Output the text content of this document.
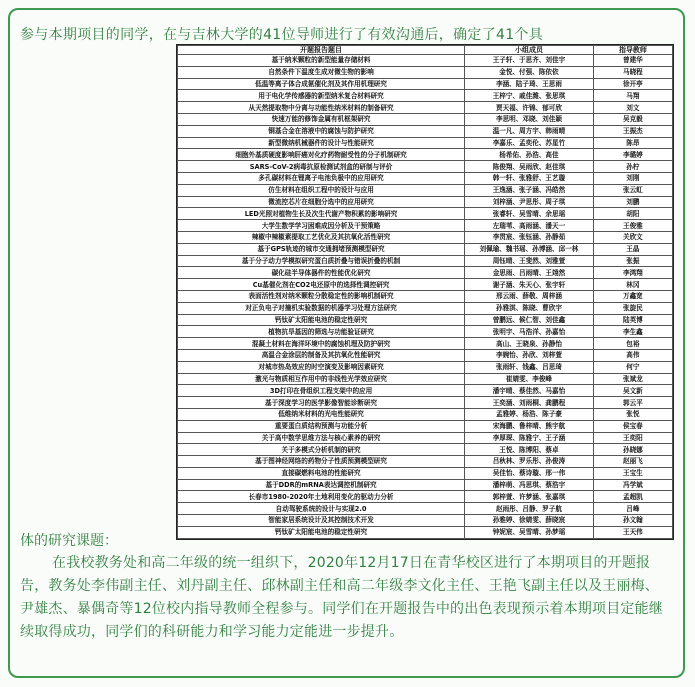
参与本期项目的同学，在与吉林大学的41位导师进行了有效沟通后，确定了41个具
开题报告题目	小组成员	指导教师
基于纳米颗粒的新型能量存储材料	王子轩、于思齐、刘佳宇	曾建华
自然条件下温度生成对微生物的影响	金悦、付强、陈依依	马晓程
低温等离子体合成氨催化剂及其作用机理研究	李涵、陆子琦、王思雨	徐开亭
用于电化学传感器的新型纳米复合材料研究	王梓宁、戚佳潍、张思琪	马翔
从天然提取物中分离与功能性纳米材料的制备研究	贾天福、许锦、郁可欣	刘文
快速万能的修饰金属有机框架研究	李思明、邓晓、刘佳颖	吴克毅
铜基合金在溶液中的腐蚀与防护研究	温一凡、周方宇、韩雨晴	王振杰
新型微纳机械器件的设计与性能研究	李嘉乐、孟奕伦、苏星竹	陈昂
细胞外基质硬度影响肝癌对化疗药物耐受性的分子机制研究	杨希佑、孙浩、高佳	李璐婷
SARS-CoV-2病毒抗原检测试剂盒的研制与评价	陈俊翔、吴雨欣、赵佳琪	孙柠
多孔碳材料在锂离子电池负极中的应用研究	韩一轩、张雅舒、王艺璇	刘刚
仿生材料在组织工程中的设计与应用	王逸涵、张子涵、冯皓然	张云虹
微流控芯片在细胞分选中的应用研究	刘梓涵、尹思彤、周子琪	刘鹏
LED光照对植物生长及次生代谢产物积累的影响研究	张睿轩、吴雪晴、余思瑶	胡阳
大学生数学学习困难成因分析及干预策略	左瑞苇、高雨涵、潘天一	王俊雅
辣椒中辣椒素提取工艺优化及其抗氧化活性研究	李贯宸、张钰涵、孙静茹	关欣文
基于GPS轨迹的城市交通拥堵预测模型研究	刘佩瑜、魏书瑶、孙博涵、邱一林	王晶
基于分子动力学模拟研究蛋白质折叠与错误折叠的机制	周钰晴、王斐然、刘雅萱	张振
碳化硅半导体器件的性能优化研究	金思雨、吕雨晴、王翊然	李鸿翔
Cu基催化剂在CO2电还原中的选择性调控研究	谢子涵、朱天心、张宇轩	林冈
表面活性剂对纳米颗粒分散稳定性的影响机制研究	邢云雨、薛敬、周梓涵	万鑫宽
对正负电子对撞机实验数据的机器学习处理方法研究	孙雅淇、陈晓、曹欣宇	张旋民
钙钛矿太阳能电池的稳定性研究	曾鹏远、候仁智、刘佳鑫	陆英博
植物抗旱基因的筛选与功能验证研究	张明宇、马浩洋、孙嘉怡	李生鑫
混凝土材料在海洋环境中的腐蚀机理及防护研究	高山、王晓泉、孙静怡	包裕
高温合金涂层的制备及其抗氧化性能研究	李婉怡、孙欣、刘梓萱	高伟
对城市热岛效应的时空演变及影响因素研究	张雨轩、钱鑫、吕思琦	何宁
激光与物质相互作用中的非线性光学效应研究	崔婧雯、李俊峰	张斌龙
3D打印在骨组织工程支架中的应用	潘宇晴、蔡佳然、马嘉怡	吴文新
基于深度学习的医学影像智能诊断研究	王奕涵、刘雨桐、龚鹏程	郭云平
低维纳米材料的光电性能研究	孟雅婷、杨浩、陈子豪	张悦
重要蛋白质结构预测与功能分析	宋海鹏、鲁梓晴、熊宇航	侯宝春
关于高中数学思维方法与核心素养的研究	李厚琛、陈雅宁、王子涵	王奕阳
关于多模式分析机制的研究	王悦、陈博阳、蔡卓	孙晓娜
基于图神经网络的药物分子性质预测模型研究	吕秋林、罗乐彤、孙俊涛	赵丽飞
直接碳燃料电池的性能研究	吴佳怡、蔡诗璇、邢一伟	王宝生
基于DDR的mRNA表达调控机制研究	潘梓萌、冯思琪、蔡浩宇	冯学斌
长春市1980-2020年土地利用变化的驱动力分析	郭梓萱、许梦涵、张嘉琪	孟超凯
自动驾驶系统的设计与实现2.0	赵雨彤、吕静、罗子航	吕峰
智能家居系统设计及其控制技术开发	孙雅婷、徐婧雯、薛晓宸	孙文翰
钙钛矿太阳能电池的稳定性研究	钟妮宸、吴雪晴、孙梦瑶	王天伟
体的研究课题：
在我校教务处和高二年级的统一组织下，2020年12月17日在青华校区进行了本期项目的开题报告，教务处李伟副主任、刘丹副主任、邱林副主任和高二年级李文化主任、王艳飞副主任以及王丽梅、尹雄杰、暴偶奇等12位校内指导教师全程参与。同学们在开题报告中的出色表现预示着本期项目定能继续取得成功，同学们的科研能力和学习能力定能进一步提升。
